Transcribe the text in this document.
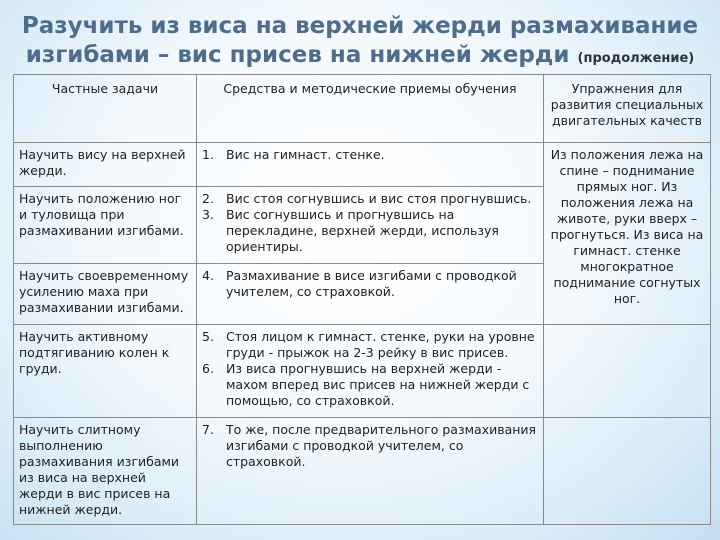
Разучить из виса на верхней жерди размахивание
изгибами – вис присев на нижней жерди (продолжение)
Частные задачи	Средства и методические приемы обучения	Упражнения для развития специальных двигательных качеств
Научить вису на верхней жерди.	1. Вис на гимнаст. стенке.	Из положения лежа на спине – поднимание прямых ног. Из положения лежа на животе, руки вверх – прогнуться. Из виса на гимнаст. стенке многократное поднимание согнутых ног.
Научить положению ног и туловища при размахивании изгибами.	2. Вис стоя согнувшись и вис стоя прогнувшись.
3. Вис согнувшись и прогнувшись на перекладине, верхней жерди, используя ориентиры.	

Научить своевременному усилению маха при размахивании изгибами.	4. Размахивание в висе изгибами с проводкой учителем, со страховкой.	

Научить активному подтягиванию колен к груди.	5. Стоя лицом к гимнаст. стенке, руки на уровне груди - прыжок на 2-3 рейку в вис присев.
6. Из виса прогнувшись на верхней жерди - махом вперед вис присев на нижней жерди с помощью, со страховкой.	

Научить слитному выполнению размахивания изгибами из виса на верхней жерди в вис присев на нижней жерди.	7. То же, после предварительного размахивания изгибами с проводкой учителем, со страховкой.	
